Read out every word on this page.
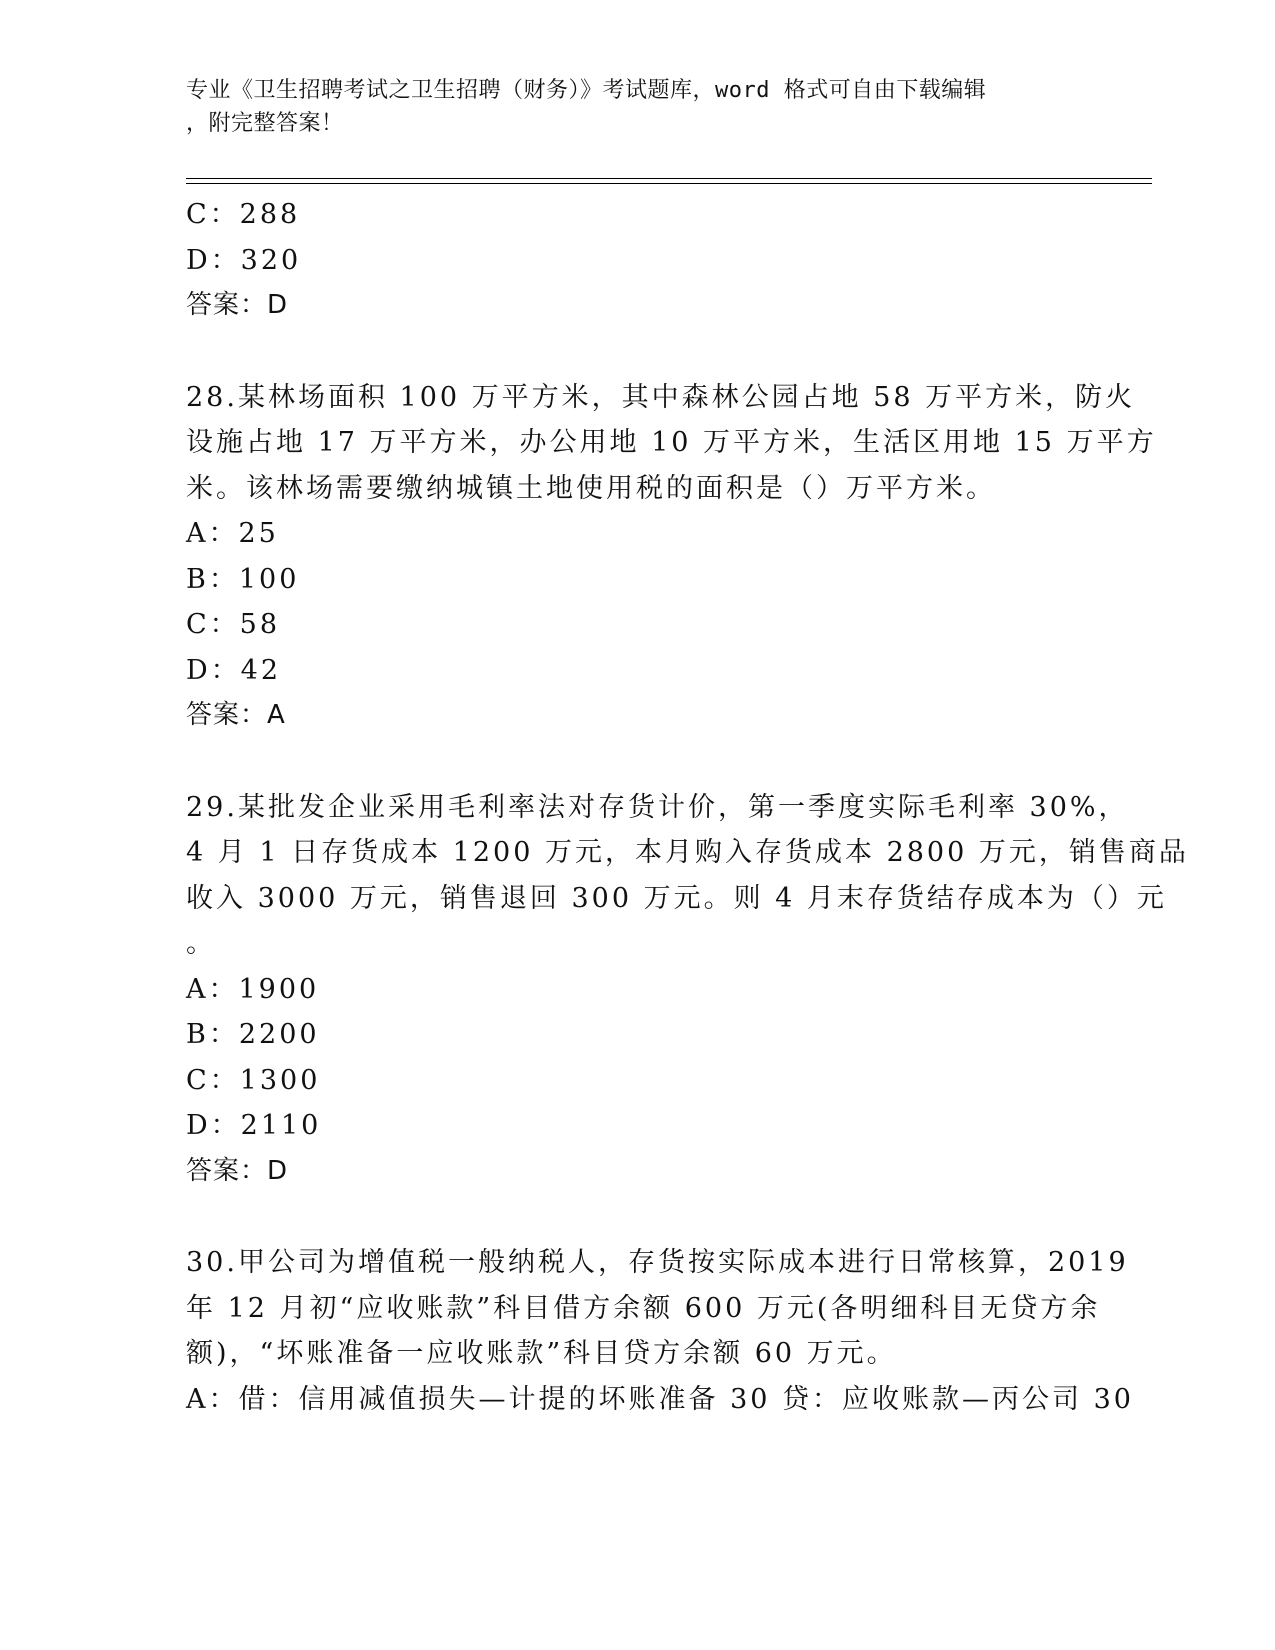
专业《卫生招聘考试之卫生招聘（财务）》考试题库，word 格式可自由下载编辑
，附完整答案！
C：288
D：320
答案：D
28.某林场面积 100 万平方米，其中森林公园占地 58 万平方米，防火
设施占地 17 万平方米，办公用地 10 万平方米，生活区用地 15 万平方
米。该林场需要缴纳城镇土地使用税的面积是（）万平方米。
A：25
B：100
C：58
D：42
答案：A
29.某批发企业采用毛利率法对存货计价，第一季度实际毛利率 30%，
4 月 1 日存货成本 1200 万元，本月购入存货成本 2800 万元，销售商品
收入 3000 万元，销售退回 300 万元。则 4 月末存货结存成本为（）元
。
A：1900
B：2200
C：1300
D：2110
答案：D
30.甲公司为增值税一般纳税人，存货按实际成本进行日常核算，2019
年 12 月初“应收账款”科目借方余额 600 万元(各明细科目无贷方余
额)，“坏账准备一应收账款”科目贷方余额 60 万元。
A：借：信用减值损失—计提的坏账准备 30 贷：应收账款—丙公司 30
